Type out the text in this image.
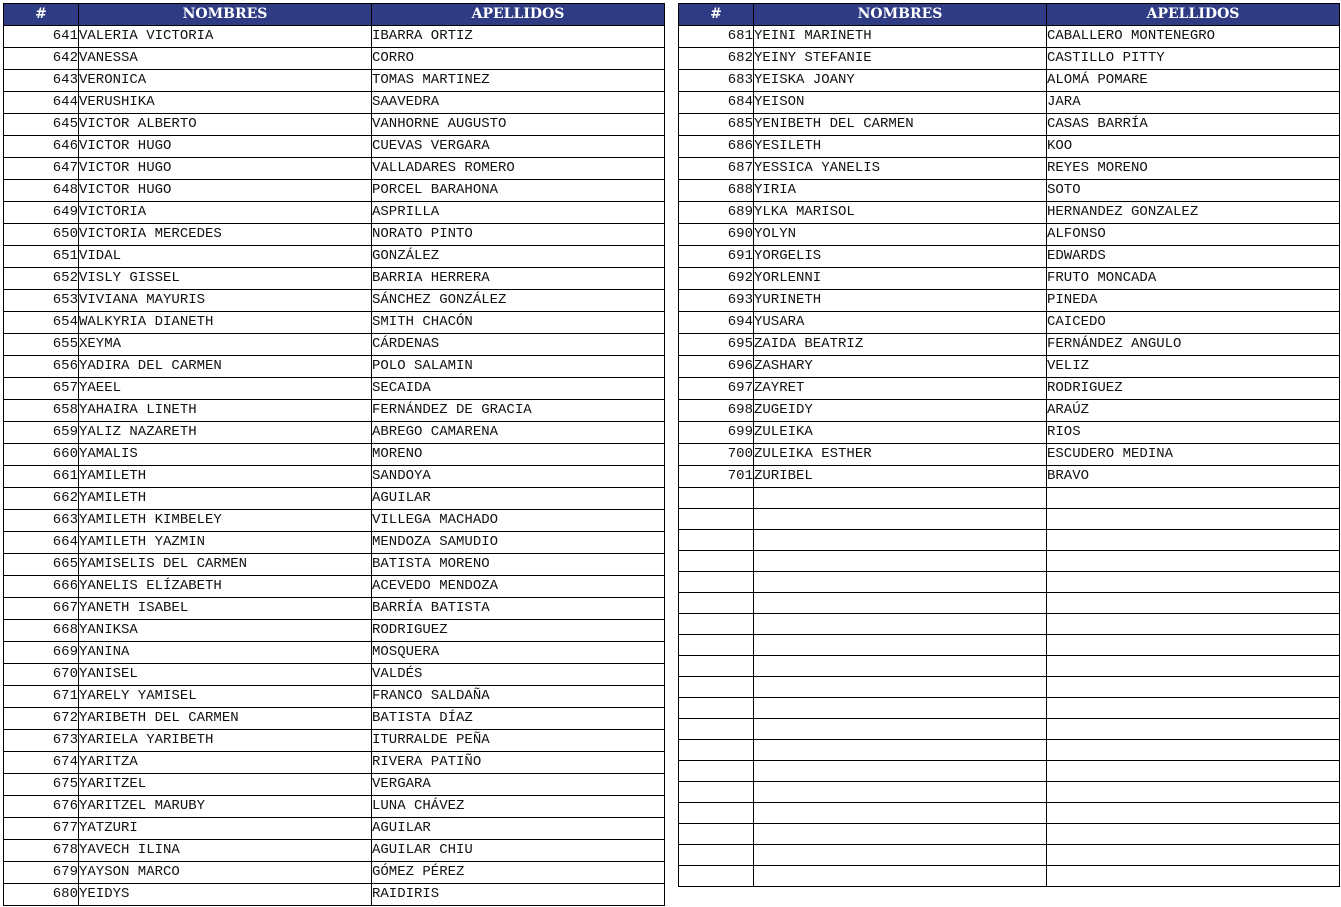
#	NOMBRES	APELLIDOS
641	VALERIA VICTORIA	IBARRA ORTIZ
642	VANESSA	CORRO
643	VERONICA	TOMAS MARTINEZ
644	VERUSHIKA	SAAVEDRA
645	VICTOR ALBERTO	VANHORNE AUGUSTO
646	VICTOR HUGO	CUEVAS VERGARA
647	VICTOR HUGO	VALLADARES ROMERO
648	VICTOR HUGO	PORCEL BARAHONA
649	VICTORIA	ASPRILLA
650	VICTORIA MERCEDES	NORATO PINTO
651	VIDAL	GONZÁLEZ
652	VISLY GISSEL	BARRIA HERRERA
653	VIVIANA MAYURIS	SÁNCHEZ GONZÁLEZ
654	WALKYRIA DIANETH	SMITH CHACÓN
655	XEYMA	CÁRDENAS
656	YADIRA DEL CARMEN	POLO SALAMIN
657	YAEEL	SECAIDA
658	YAHAIRA LINETH	FERNÁNDEZ DE GRACIA
659	YALIZ NAZARETH	ABREGO CAMARENA
660	YAMALIS	MORENO
661	YAMILETH	SANDOYA
662	YAMILETH	AGUILAR
663	YAMILETH KIMBELEY	VILLEGA MACHADO
664	YAMILETH YAZMIN	MENDOZA SAMUDIO
665	YAMISELIS DEL CARMEN	BATISTA MORENO
666	YANELIS ELÍZABETH	ACEVEDO MENDOZA
667	YANETH ISABEL	BARRÍA BATISTA
668	YANIKSA	RODRIGUEZ
669	YANINA	MOSQUERA
670	YANISEL	VALDÉS
671	YARELY YAMISEL	FRANCO SALDAÑA
672	YARIBETH DEL CARMEN	BATISTA DÍAZ
673	YARIELA YARIBETH	ITURRALDE PEÑA
674	YARITZA	RIVERA PATIÑO
675	YARITZEL	VERGARA
676	YARITZEL MARUBY	LUNA CHÁVEZ
677	YATZURI	AGUILAR
678	YAVECH ILINA	AGUILAR CHIU
679	YAYSON MARCO	GÓMEZ PÉREZ
680	YEIDYS	RAIDIRIS
#	NOMBRES	APELLIDOS
681	YEINI MARINETH	CABALLERO MONTENEGRO
682	YEINY STEFANIE	CASTILLO PITTY
683	YEISKA JOANY	ALOMÁ POMARE
684	YEISON	JARA
685	YENIBETH DEL CARMEN	CASAS BARRÍA
686	YESILETH	KOO
687	YESSICA YANELIS	REYES MORENO
688	YIRIA	SOTO
689	YLKA MARISOL	HERNANDEZ GONZALEZ
690	YOLYN	ALFONSO
691	YORGELIS	EDWARDS
692	YORLENNI	FRUTO MONCADA
693	YURINETH	PINEDA
694	YUSARA	CAICEDO
695	ZAIDA BEATRIZ	FERNÁNDEZ ANGULO
696	ZASHARY	VELIZ
697	ZAYRET	RODRIGUEZ
698	ZUGEIDY	ARAÚZ
699	ZULEIKA	RIOS
700	ZULEIKA ESTHER	ESCUDERO MEDINA
701	ZURIBEL	BRAVO
